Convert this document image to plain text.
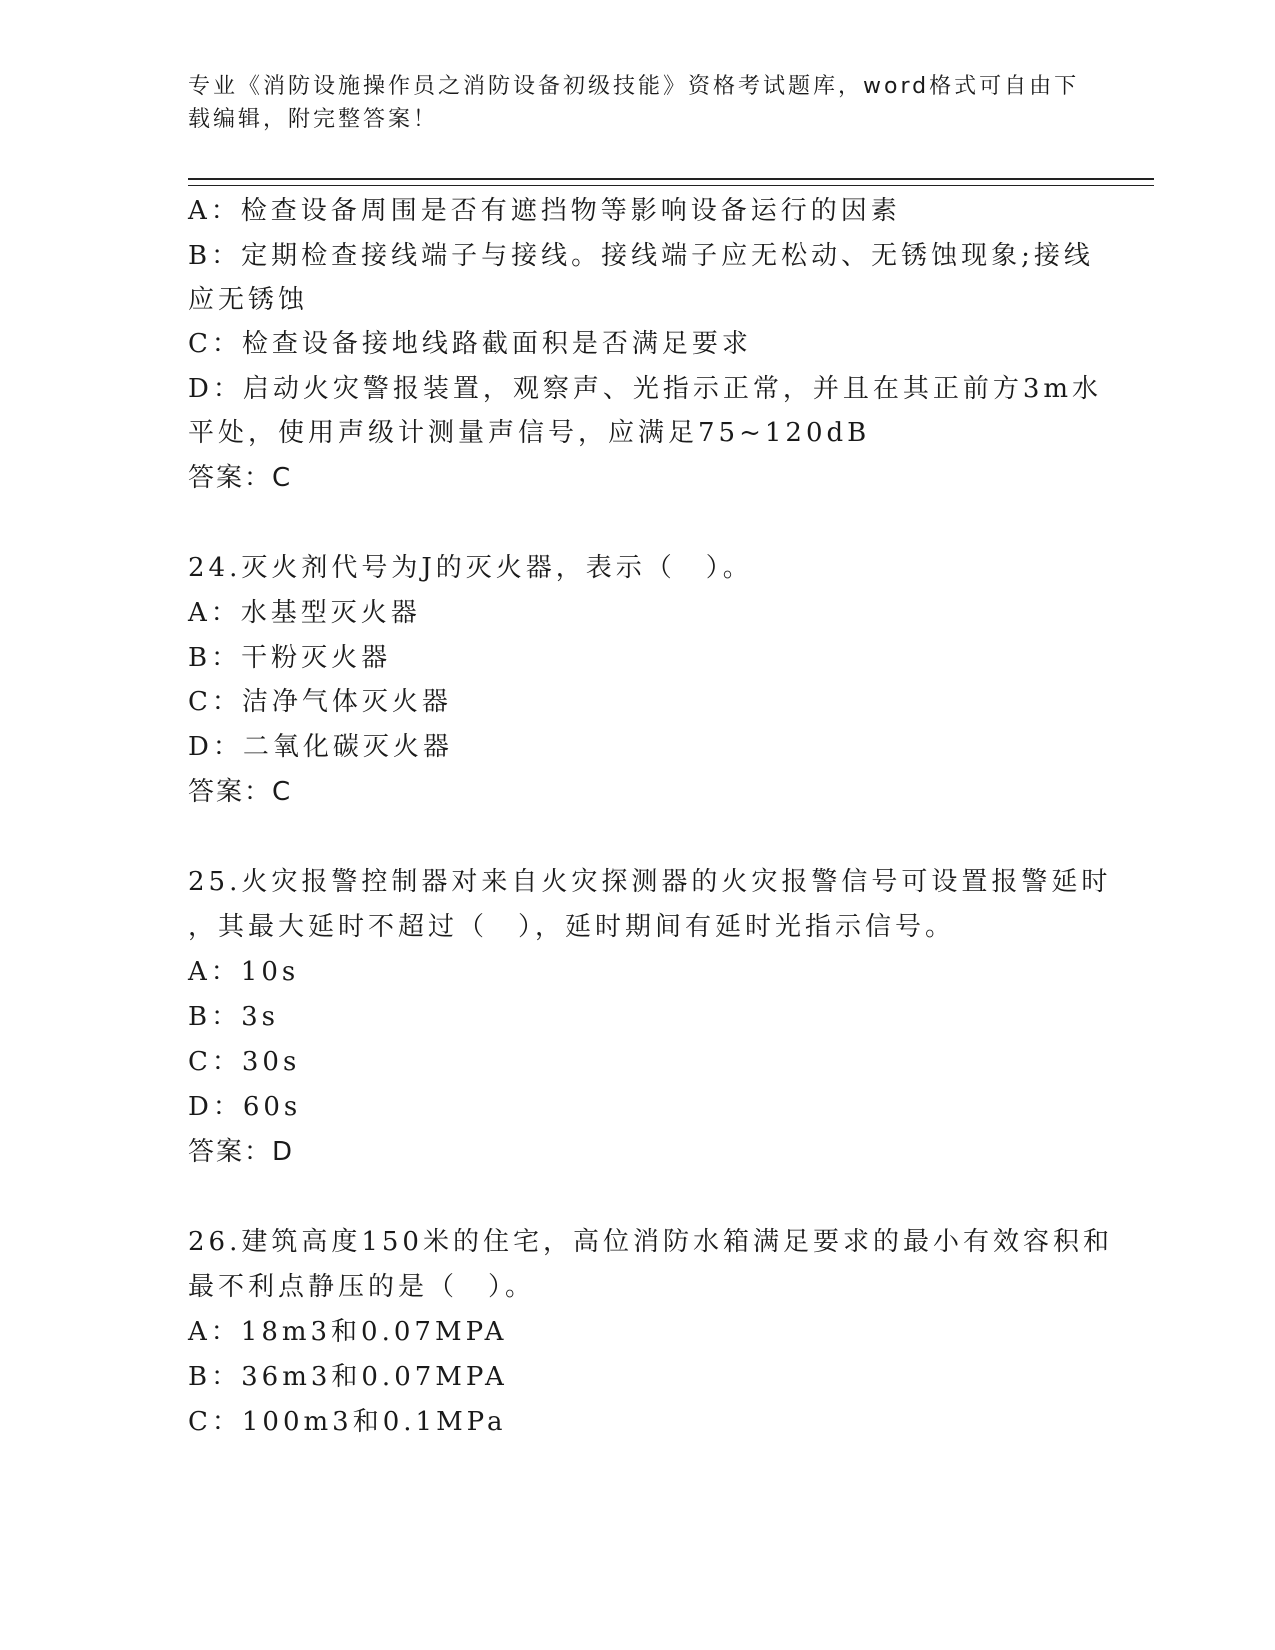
专业《消防设施操作员之消防设备初级技能》资格考试题库，word格式可自由下
载编辑，附完整答案！
A：检查设备周围是否有遮挡物等影响设备运行的因素
B：定期检查接线端子与接线。接线端子应无松动、无锈蚀现象;接线
应无锈蚀
C：检查设备接地线路截面积是否满足要求
D：启动火灾警报装置，观察声、光指示正常，并且在其正前方3m水
平处，使用声级计测量声信号，应满足75~120dB
答案：C
24.灭火剂代号为J的灭火器，表示（　）。
A：水基型灭火器
B：干粉灭火器
C：洁净气体灭火器
D：二氧化碳灭火器
答案：C
25.火灾报警控制器对来自火灾探测器的火灾报警信号可设置报警延时
，其最大延时不超过（　），延时期间有延时光指示信号。
A：10s
B：3s
C：30s
D：60s
答案：D
26.建筑高度150米的住宅，高位消防水箱满足要求的最小有效容积和
最不利点静压的是（　）。
A：18m3和0.07MPA
B：36m3和0.07MPA
C：100m3和0.1MPa
